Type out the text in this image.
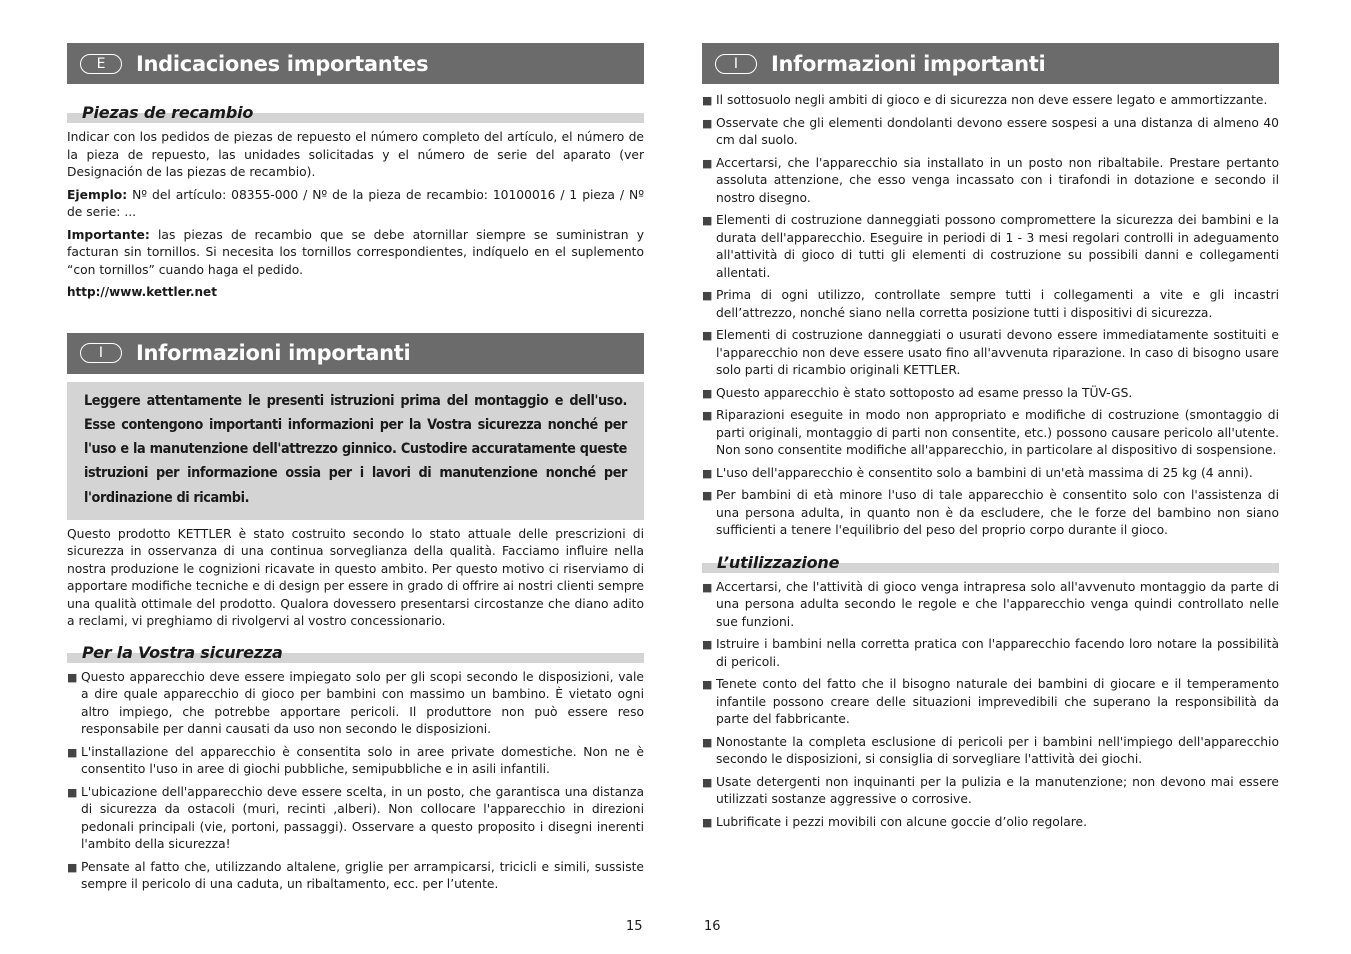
E	Indicaciones importantes
Piezas de recambio

Indicar con los pedidos de piezas de repuesto el número completo del artículo, el número de la pieza de repuesto, las unidades solicitadas y el número de serie del aparato (ver Designación de las piezas de recambio).

Ejemplo: Nº del artículo: 08355-000 / Nº de la pieza de recambio: 10100016 / 1 pieza / Nº de serie: ...

Importante: las piezas de recambio que se debe atornillar siempre se suministran y facturan sin tornillos. Si necesita los tornillos correspondientes, indíquelo en el suplemento “con tornillos” cuando haga el pedido.

http://www.kettler.net

I	Informazioni importanti

Leggere attentamente le presenti istruzioni prima del montaggio e dell'uso. Esse contengono importanti informazioni per la Vostra sicurezza nonché per l'uso e la manutenzione dell'attrezzo ginnico. Custodire accuratamente queste istruzioni per informazione ossia per i lavori di manutenzione nonché per l'ordinazione di ricambi.

Questo prodotto KETTLER è stato costruito secondo lo stato attuale delle prescrizioni di sicurezza in osservanza di una continua sorveglianza della qualità. Facciamo influire nella nostra produzione le cognizioni ricavate in questo ambito. Per questo motivo ci riserviamo di apportare modifiche tecniche e di design per essere in grado di offrire ai nostri clienti sempre una qualità ottimale del prodotto. Qualora dovessero presentarsi circostanze che diano adito a reclami, vi preghiamo di rivolgervi al vostro concessionario.

Per la Vostra sicurezza
■ Questo apparecchio deve essere impiegato solo per gli scopi secondo le disposizioni, vale a dire quale apparecchio di gioco per bambini con massimo un bambino. È vietato ogni altro impiego, che potrebbe apportare pericoli. Il produttore non può essere reso responsabile per danni causati da uso non secondo le disposizioni.
■ L'installazione del apparecchio è consentita solo in aree private domestiche. Non ne è consentito l'uso in aree di giochi pubbliche, semipubbliche e in asili infantili.
■ L'ubicazione dell'apparecchio deve essere scelta, in un posto, che garantisca una distanza di sicurezza da ostacoli (muri, recinti ,alberi). Non collocare l'apparecchio in direzioni pedonali principali (vie, portoni, passaggi). Osservare a questo proposito i disegni inerenti l'ambito della sicurezza!
■ Pensate al fatto che, utilizzando altalene, griglie per arrampicarsi, tricicli e simili, sussiste sempre il pericolo di una caduta, un ribaltamento, ecc. per l’utente.
I	Informazioni importanti
■ Il sottosuolo negli ambiti di gioco e di sicurezza non deve essere legato e ammortizzante.
■ Osservate che gli elementi dondolanti devono essere sospesi a una distanza di almeno 40 cm dal suolo.
■ Accertarsi, che l'apparecchio sia installato in un posto non ribaltabile. Prestare pertanto assoluta attenzione, che esso venga incassato con i tirafondi in dotazione e secondo il nostro disegno.
■ Elementi di costruzione danneggiati possono compromettere la sicurezza dei bambini e la durata dell'apparecchio. Eseguire in periodi di 1 - 3 mesi regolari controlli in adeguamento all'attività di gioco di tutti gli elementi di costruzione su possibili danni e collegamenti allentati.
■ Prima di ogni utilizzo, controllate sempre tutti i collegamenti a vite e gli incastri dell’attrezzo, nonché siano nella corretta posizione tutti i dispositivi di sicurezza.
■ Elementi di costruzione danneggiati o usurati devono essere immediatamente sostituiti e l'apparecchio non deve essere usato fino all'avvenuta riparazione. In caso di bisogno usare solo parti di ricambio originali KETTLER.
■ Questo apparecchio è stato sottoposto ad esame presso la TÜV-GS.
■ Riparazioni eseguite in modo non appropriato e modifiche di costruzione (smontaggio di parti originali, montaggio di parti non consentite, etc.) possono causare pericolo all'utente. Non sono consentite modifiche all'apparecchio, in particolare al dispositivo di sospensione.
■ L'uso dell'apparecchio è consentito solo a bambini di un'età massima di 25 kg (4 anni).
■ Per bambini di età minore l'uso di tale apparecchio è consentito solo con l'assistenza di una persona adulta, in quanto non è da escludere, che le forze del bambino non siano sufficienti a tenere l'equilibrio del peso del proprio corpo durante il gioco.
L’utilizzazione
■ Accertarsi, che l'attività di gioco venga intrapresa solo all'avvenuto montaggio da parte di una persona adulta secondo le regole e che l'apparecchio venga quindi controllato nelle sue funzioni.
■ Istruire i bambini nella corretta pratica con l'apparecchio facendo loro notare la possibilità di pericoli.
■ Tenete conto del fatto che il bisogno naturale dei bambini di giocare e il temperamento infantile possono creare delle situazioni imprevedibili che superano la responsibilità da parte del fabbricante.
■ Nonostante la completa esclusione di pericoli per i bambini nell'impiego dell'apparecchio secondo le disposizioni, si consiglia di sorvegliare l'attività dei giochi.
■ Usate detergenti non inquinanti per la pulizia e la manutenzione; non devono mai essere utilizzati sostanze aggressive o corrosive.
■ Lubrificate i pezzi movibili con alcune goccie d’olio regolare.
15	16
